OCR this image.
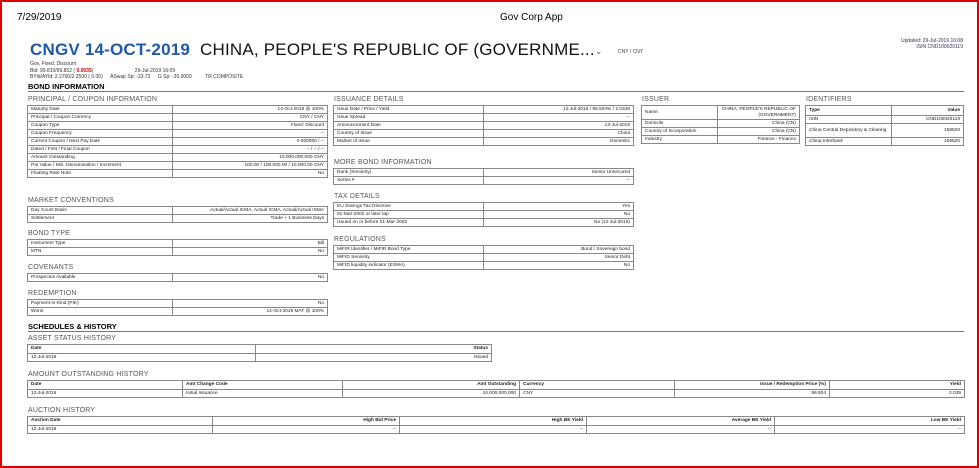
7/29/2019	Gov Corp App
Updated: 29-Jul-2019 16:08
ISIN CND100020119
CNGV 14-OCT-2019 CHINA, PEOPLE'S REPUBLIC OF (GOVERNME... ⌄	CNY / CNY
Gov, Fixed, Discount
Bid: 99.810/99.852 ( 0.0035)	29-Jul-2019 16:09
BYld/AYld: 2.2700/2.2500 ( 0.00) ASwap Sp: -33.72 G Sp: -35.0000	TR COMPOSITE
BOND INFORMATION
PRINCIPAL / COUPON INFORMATION
Maturity Date	14-Oct-2019 @ 100%
Principal / Coupon Currency	CNY / CNY
Coupon Type	Fixed: Discount
Coupon Frequency	--
Current Coupon / Next Pay Date	0.000000 / --
Dated / First / Final Coupon	-- / -- / --
Amount Outstanding	10,000,000,000 CNY
Par Value / Min. Denomination / Increment	100.00 / 100,000.00 / 10,000.00 CNY
Floating Rate Note	No
MARKET CONVENTIONS
Day Count Basis	Actual/Actual ICMA, Actual ICMA, Actual/Actual ISMA
Settlement	Trade + 1 Business Days
BOND TYPE
Instrument Type	Bill
MTN	No
COVENANTS
Prospectus Available	No
REDEMPTION
Payment-in-Kind (PIK)	No
Worst	14-Oct-2019 MAT @ 100%
ISSUANCE DETAILS
Issue Date / Price / Yield	12-Jul-2019 / 99.504% / 2.0348
Issue Spread	--
Announcement Date	13-Jul-2019
Country of Issue	China
Market of Issue	Domestic
MORE BOND INFORMATION
Rank (Seniority)	Senior Unsecured
Series #	--
TAX DETAILS
EU Savings Tax Directive	Yes
01-Mar-2002 or later tap	No
Issued on or before 01-Mar-2002	No (12-Jul-2019)
REGULATIONS
MiFIR Identifier / MiFIR Bond Type	Bond / Sovereign bond
MiFID Seniority	Senior Debt
MiFID liquidity indicator (ESMA)	No
ISSUER
Name	CHINA, PEOPLE'S REPUBLIC OF (GOVERNMENT)
Domicile	China (CN)
Country of Incorporation	China (CN)
Industry	Finance - Finance
IDENTIFIERS
Type	Value
ISIN	CND100020119
China Central Depository & Clearing	159620
China Interbank	159620
SCHEDULES & HISTORY
ASSET STATUS HISTORY
Date	Status
12-Jul-2019	Issued
AMOUNT OUTSTANDING HISTORY
Date	Amt Change Code	Amt Outstanding	Currency	Issue / Redemption Price (%)	Yield
12-Jul-2019	Initial Issuance	10,000,000,000	CNY	99.504	2.035
AUCTION HISTORY
Auction Date	High Bid Price	High BE Yield	Average BE Yield	Low BE Yield
12-Jul-2019	--	--	--	--
